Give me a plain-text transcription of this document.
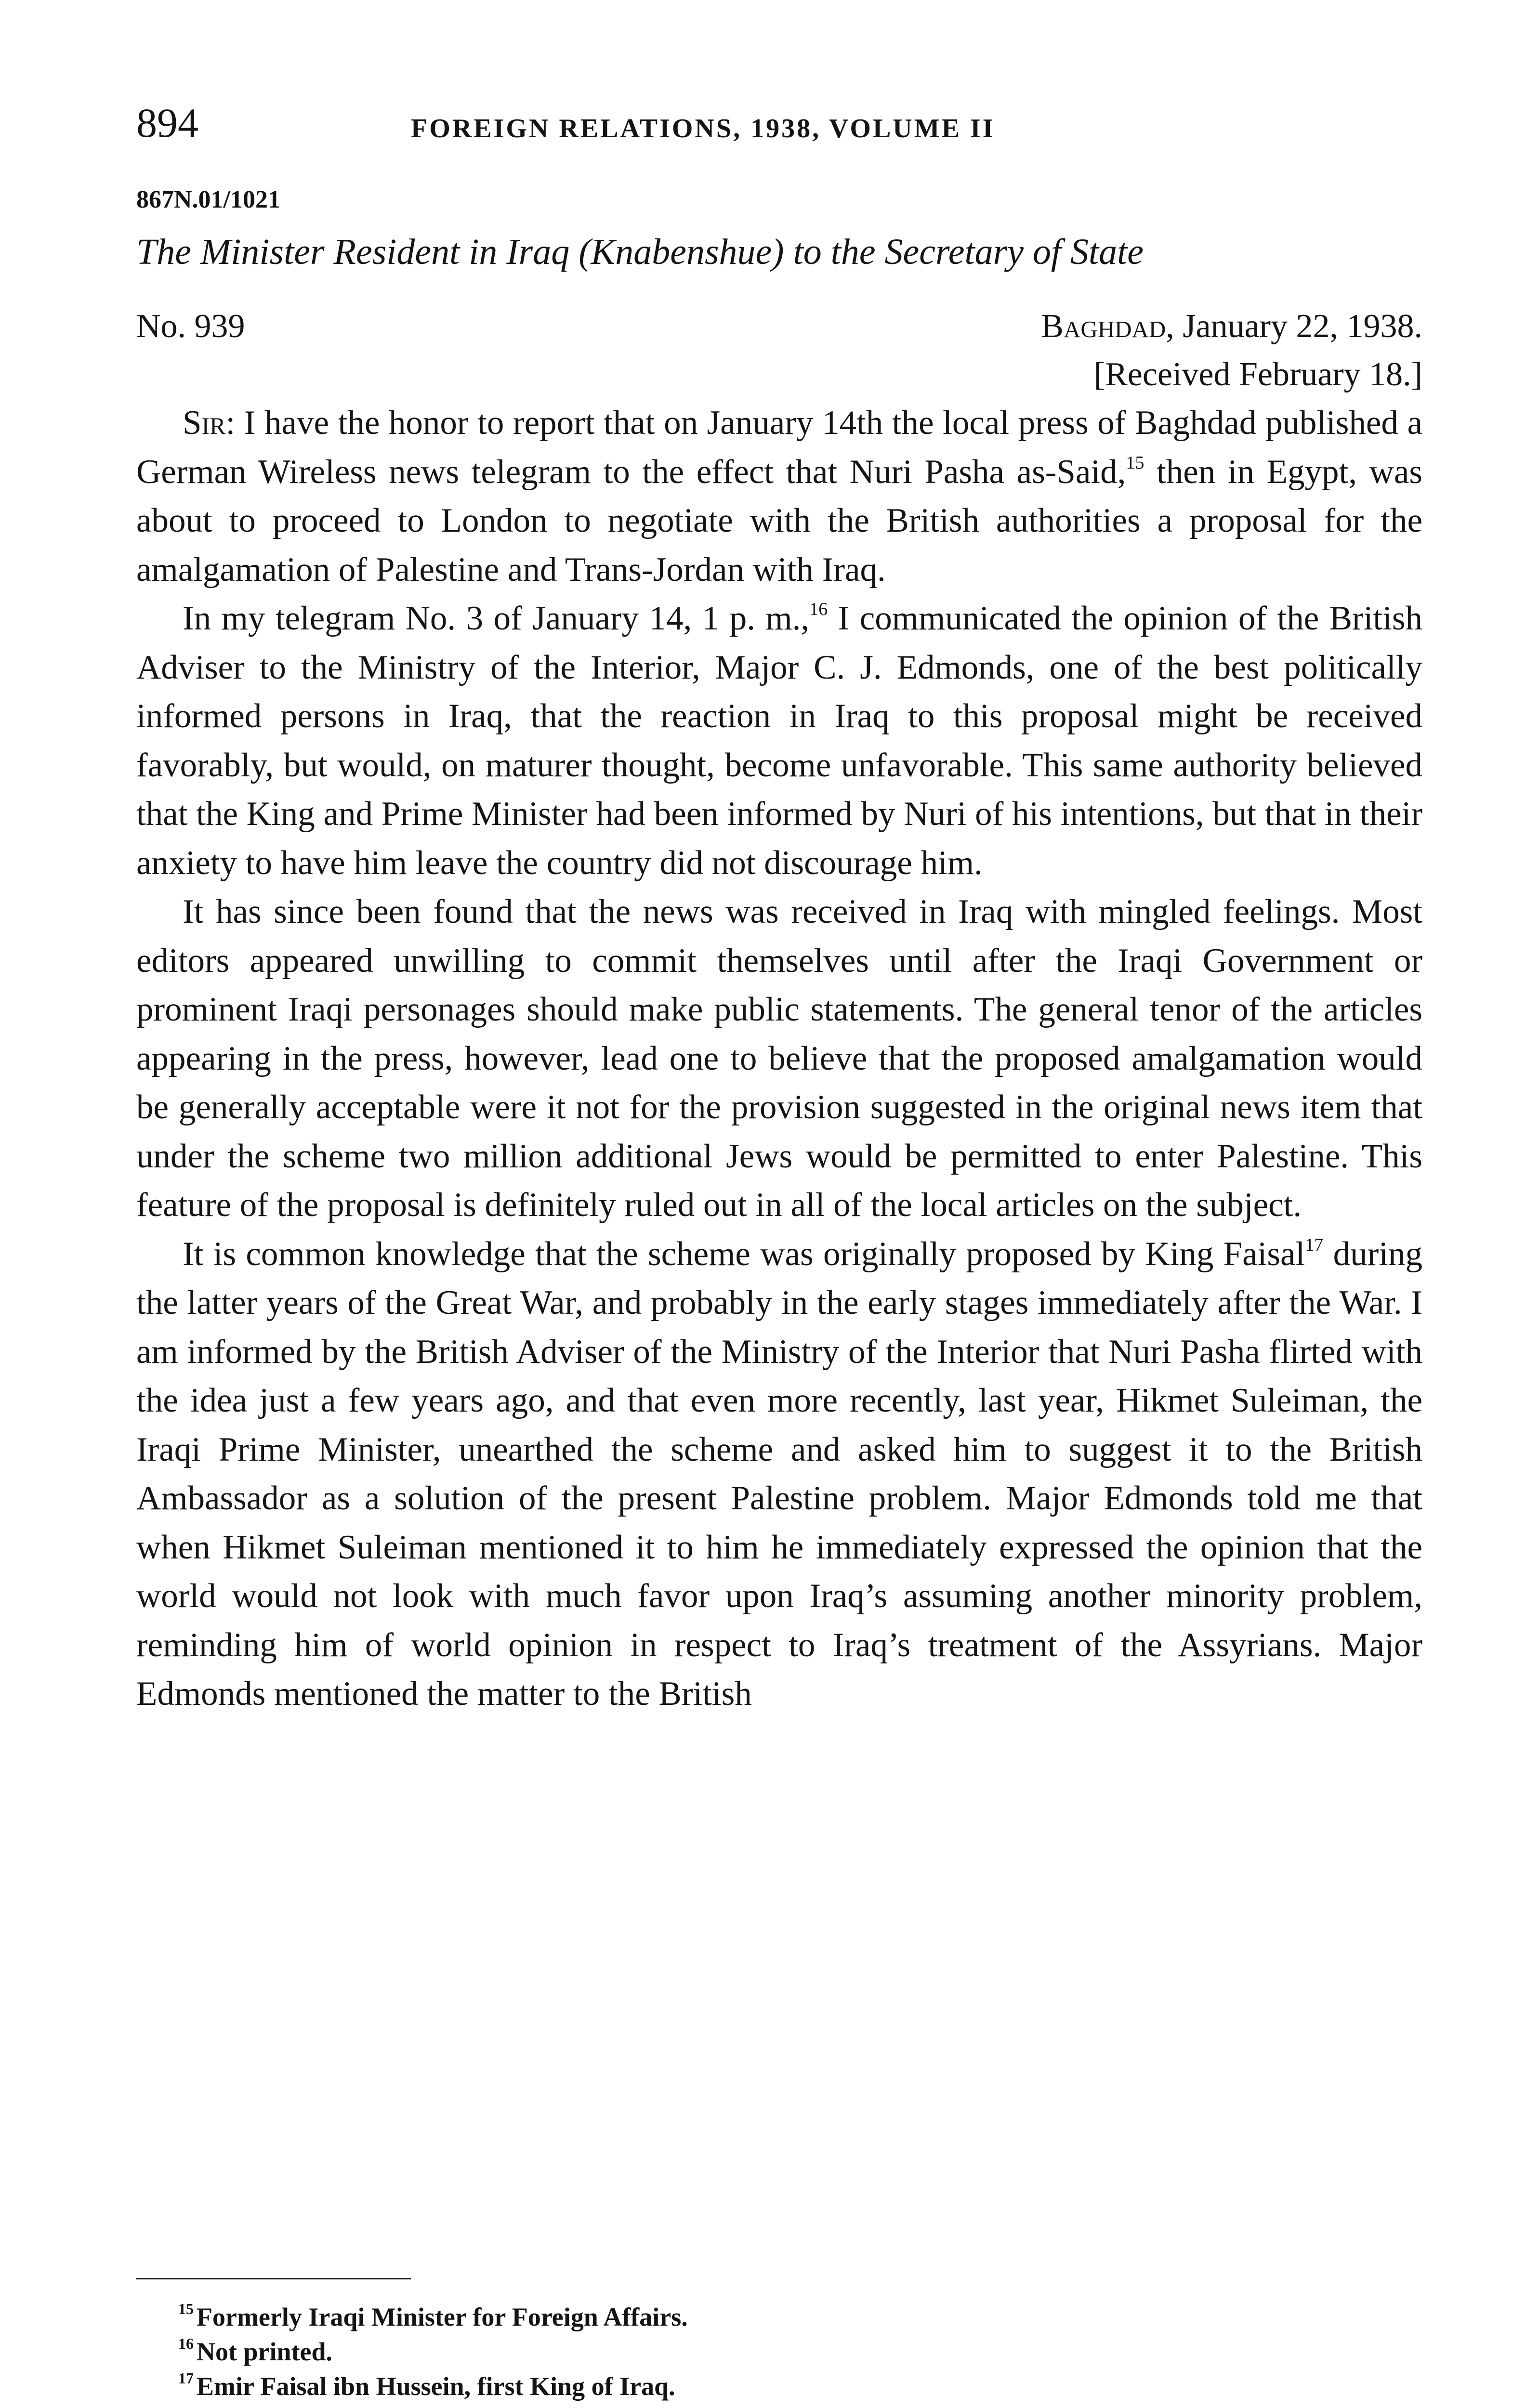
894	FOREIGN RELATIONS, 1938, VOLUME II
867N.01/1021
The Minister Resident in Iraq (Knabenshue) to the Secretary of State
No. 939	Baghdad, January 22, 1938.
[Received February 18.]

Sir: I have the honor to report that on January 14th the local press of Baghdad published a German Wireless news telegram to the effect that Nuri Pasha as-Said,$^{15}$ then in Egypt, was about to proceed to London to negotiate with the British authorities a proposal for the amalgamation of Palestine and Trans-Jordan with Iraq.

In my telegram No. 3 of January 14, 1 p. m.,$^{16}$ I communicated the opinion of the British Adviser to the Ministry of the Interior, Major C. J. Edmonds, one of the best politically informed persons in Iraq, that the reaction in Iraq to this proposal might be received favorably, but would, on maturer thought, become unfavorable. This same authority believed that the King and Prime Minister had been informed by Nuri of his intentions, but that in their anxiety to have him leave the country did not discourage him.

It has since been found that the news was received in Iraq with mingled feelings. Most editors appeared unwilling to commit themselves until after the Iraqi Government or prominent Iraqi personages should make public statements. The general tenor of the articles appearing in the press, however, lead one to believe that the proposed amalgamation would be generally acceptable were it not for the provision suggested in the original news item that under the scheme two million additional Jews would be permitted to enter Palestine. This feature of the proposal is definitely ruled out in all of the local articles on the subject.

It is common knowledge that the scheme was originally proposed by King Faisal$^{17}$ during the latter years of the Great War, and probably in the early stages immediately after the War. I am informed by the British Adviser of the Ministry of the Interior that Nuri Pasha flirted with the idea just a few years ago, and that even more recently, last year, Hikmet Suleiman, the Iraqi Prime Minister, unearthed the scheme and asked him to suggest it to the British Ambassador as a solution of the present Palestine problem. Major Edmonds told me that when Hikmet Suleiman mentioned it to him he immediately expressed the opinion that the world would not look with much favor upon Iraq’s assuming another minority problem, reminding him of world opinion in respect to Iraq’s treatment of the Assyrians. Major Edmonds mentioned the matter to the British

$^{15}$ Formerly Iraqi Minister for Foreign Affairs.
$^{16}$ Not printed.
$^{17}$ Emir Faisal ibn Hussein, first King of Iraq.
